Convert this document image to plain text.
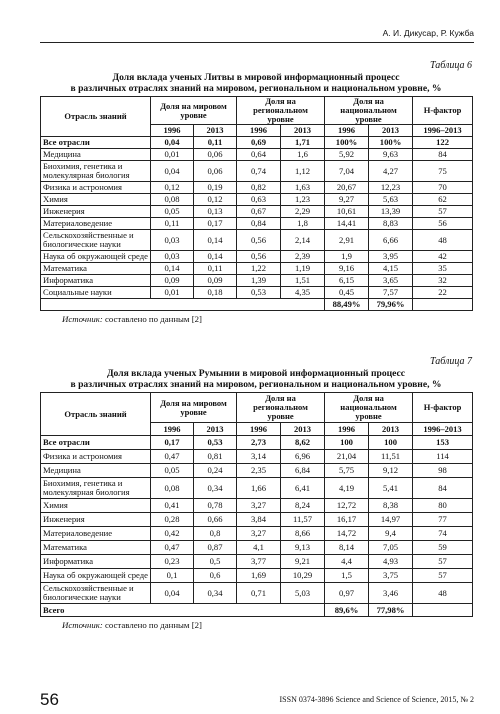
А. И. Дикусар, Р. Кужба
Таблица 6
Доля вклада ученых Литвы в мировой информационный процесс
в различных отраслях знаний на мировом, региональном и национальном уровне, %
Отрасль знаний	Доля на мировом уровне		Доля на региональном уровне		Доля на национальном уровне		H-фактор
	1996	2013	1996	2013	1996	2013	1996–2013
Все отрасли	0,04	0,11	0,69	1,71	100%	100%	122
Медицина	0,01	0,06	0,64	1,6	5,92	9,63	84
Биохимия, генетика и молекулярная биология	0,04	0,06	0,74	1,12	7,04	4,27	75
Физика и астрономия	0,12	0,19	0,82	1,63	20,67	12,23	70
Химия	0,08	0,12	0,63	1,23	9,27	5,63	62
Инженерия	0,05	0,13	0,67	2,29	10,61	13,39	57
Материаловедение	0,11	0,17	0,84	1,8	14,41	8,83	56
Сельскохозяйственные и биологические науки	0,03	0,14	0,56	2,14	2,91	6,66	48
Наука об окружающей среде	0,03	0,14	0,56	2,39	1,9	3,95	42
Математика	0,14	0,11	1,22	1,19	9,16	4,15	35
Информатика	0,09	0,09	1,39	1,51	6,15	3,65	32
Социальные науки	0,01	0,18	0,53	4,35	0,45	7,57	22
					88,49%	79,96%	
Источник: составлено по данным [2]
Таблица 7
Доля вклада ученых Румынии в мировой информационный процесс
в различных отраслях знаний на мировом, региональном и национальном уровне, %
Отрасль знаний	Доля на мировом уровне		Доля на региональном уровне		Доля на национальном уровне		H-фактор
	1996	2013	1996	2013	1996	2013	1996–2013
Все отрасли	0,17	0,53	2,73	8,62	100	100	153
Физика и астрономия	0,47	0,81	3,14	6,96	21,04	11,51	114
Медицина	0,05	0,24	2,35	6,84	5,75	9,12	98
Биохимия, генетика и молекулярная биология	0,08	0,34	1,66	6,41	4,19	5,41	84
Химия	0,41	0,78	3,27	8,24	12,72	8,38	80
Инженерия	0,28	0,66	3,84	11,57	16,17	14,97	77
Материаловедение	0,42	0,8	3,27	8,66	14,72	9,4	74
Математика	0,47	0,87	4,1	9,13	8,14	7,05	59
Информатика	0,23	0,5	3,77	9,21	4,4	4,93	57
Наука об окружающей среде	0,1	0,6	1,69	10,29	1,5	3,75	57
Сельскохозяйственные и биологические науки	0,04	0,34	0,71	5,03	0,97	3,46	48
Всего					89,6%	77,98%	
Источник: составлено по данным [2]
56	ISSN 0374-3896 Science and Science of Science, 2015, № 2
